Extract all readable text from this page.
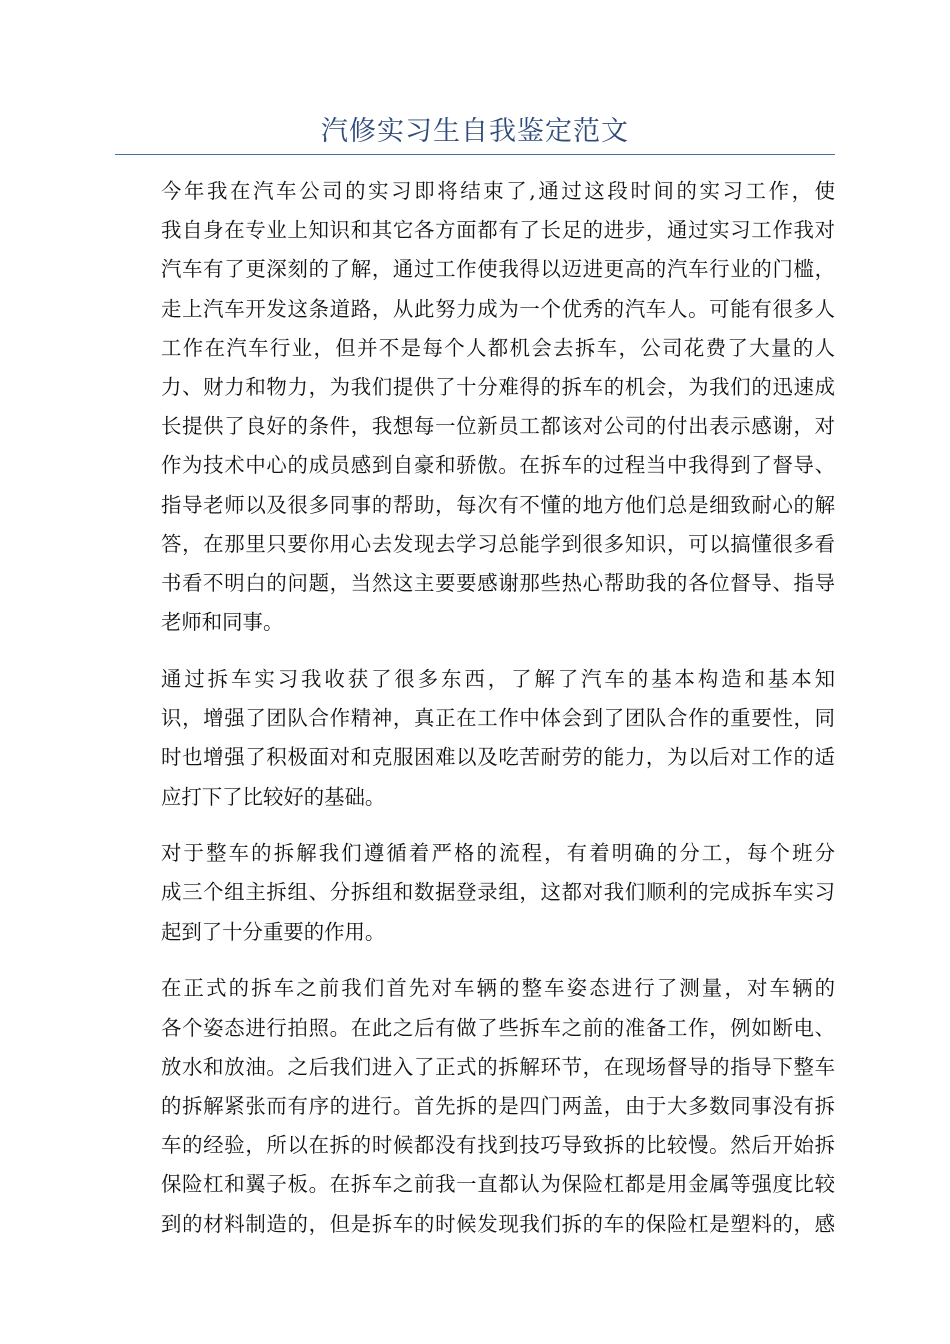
汽修实习生自我鉴定范文
今年我在汽车公司的实习即将结束了,通过这段时间的实习工作，使
我自身在专业上知识和其它各方面都有了长足的进步，通过实习工作我对
汽车有了更深刻的了解，通过工作使我得以迈进更高的汽车行业的门槛，
走上汽车开发这条道路，从此努力成为一个优秀的汽车人。可能有很多人
工作在汽车行业，但并不是每个人都机会去拆车，公司花费了大量的人
力、财力和物力，为我们提供了十分难得的拆车的机会，为我们的迅速成
长提供了良好的条件，我想每一位新员工都该对公司的付出表示感谢，对
作为技术中心的成员感到自豪和骄傲。在拆车的过程当中我得到了督导、
指导老师以及很多同事的帮助，每次有不懂的地方他们总是细致耐心的解
答，在那里只要你用心去发现去学习总能学到很多知识，可以搞懂很多看
书看不明白的问题，当然这主要要感谢那些热心帮助我的各位督导、指导
老师和同事。
通过拆车实习我收获了很多东西，了解了汽车的基本构造和基本知
识，增强了团队合作精神，真正在工作中体会到了团队合作的重要性，同
时也增强了积极面对和克服困难以及吃苦耐劳的能力，为以后对工作的适
应打下了比较好的基础。
对于整车的拆解我们遵循着严格的流程，有着明确的分工，每个班分
成三个组主拆组、分拆组和数据登录组，这都对我们顺利的完成拆车实习
起到了十分重要的作用。
在正式的拆车之前我们首先对车辆的整车姿态进行了测量，对车辆的
各个姿态进行拍照。在此之后有做了些拆车之前的准备工作，例如断电、
放水和放油。之后我们进入了正式的拆解环节，在现场督导的指导下整车
的拆解紧张而有序的进行。首先拆的是四门两盖，由于大多数同事没有拆
车的经验，所以在拆的时候都没有找到技巧导致拆的比较慢。然后开始拆
保险杠和翼子板。在拆车之前我一直都认为保险杠都是用金属等强度比较
到的材料制造的，但是拆车的时候发现我们拆的车的保险杠是塑料的，感
